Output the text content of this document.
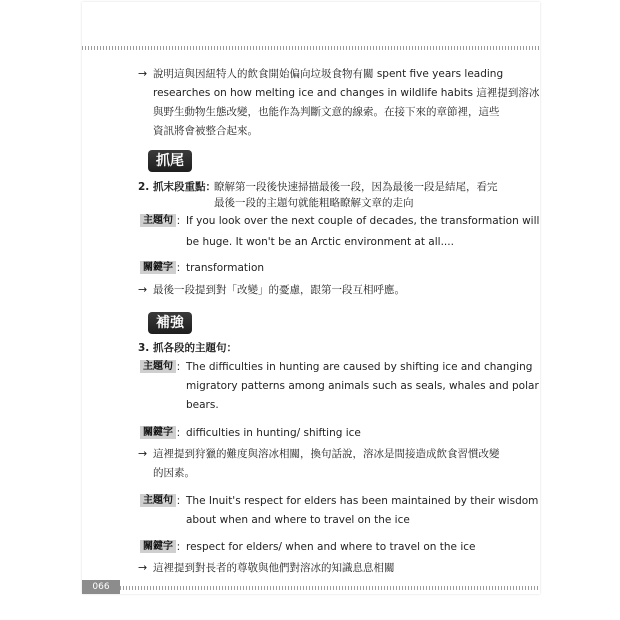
→ 說明這與因紐特人的飲食開始偏向垃圾食物有關 spent five years leading
researches on how melting ice and changes in wildlife habits 這裡提到溶冰
與野生動物生態改變，也能作為判斷文意的線索。在接下來的章節裡，這些
資訊將會被整合起來。
抓尾
2. 抓末段重點：
瞭解第一段後快速掃描最後一段，因為最後一段是結尾，看完
最後一段的主題句就能粗略瞭解文章的走向
主題句 ： If you look over the next couple of decades, the transformation will
be huge. It won't be an Arctic environment at all....
關鍵字 ： transformation
→ 最後一段提到對「改變」的憂慮，跟第一段互相呼應。
補強
3. 抓各段的主題句：
主題句 ： The difficulties in hunting are caused by shifting ice and changing
migratory patterns among animals such as seals, whales and polar
bears.
關鍵字 ： difficulties in hunting/ shifting ice
→ 這裡提到狩獵的難度與溶冰相關，換句話說，溶冰是間接造成飲食習慣改變
的因素。
主題句 ： The Inuit's respect for elders has been maintained by their wisdom
about when and where to travel on the ice
關鍵字 ： respect for elders/ when and where to travel on the ice
→ 這裡提到對長者的尊敬與他們對溶冰的知識息息相關
066
